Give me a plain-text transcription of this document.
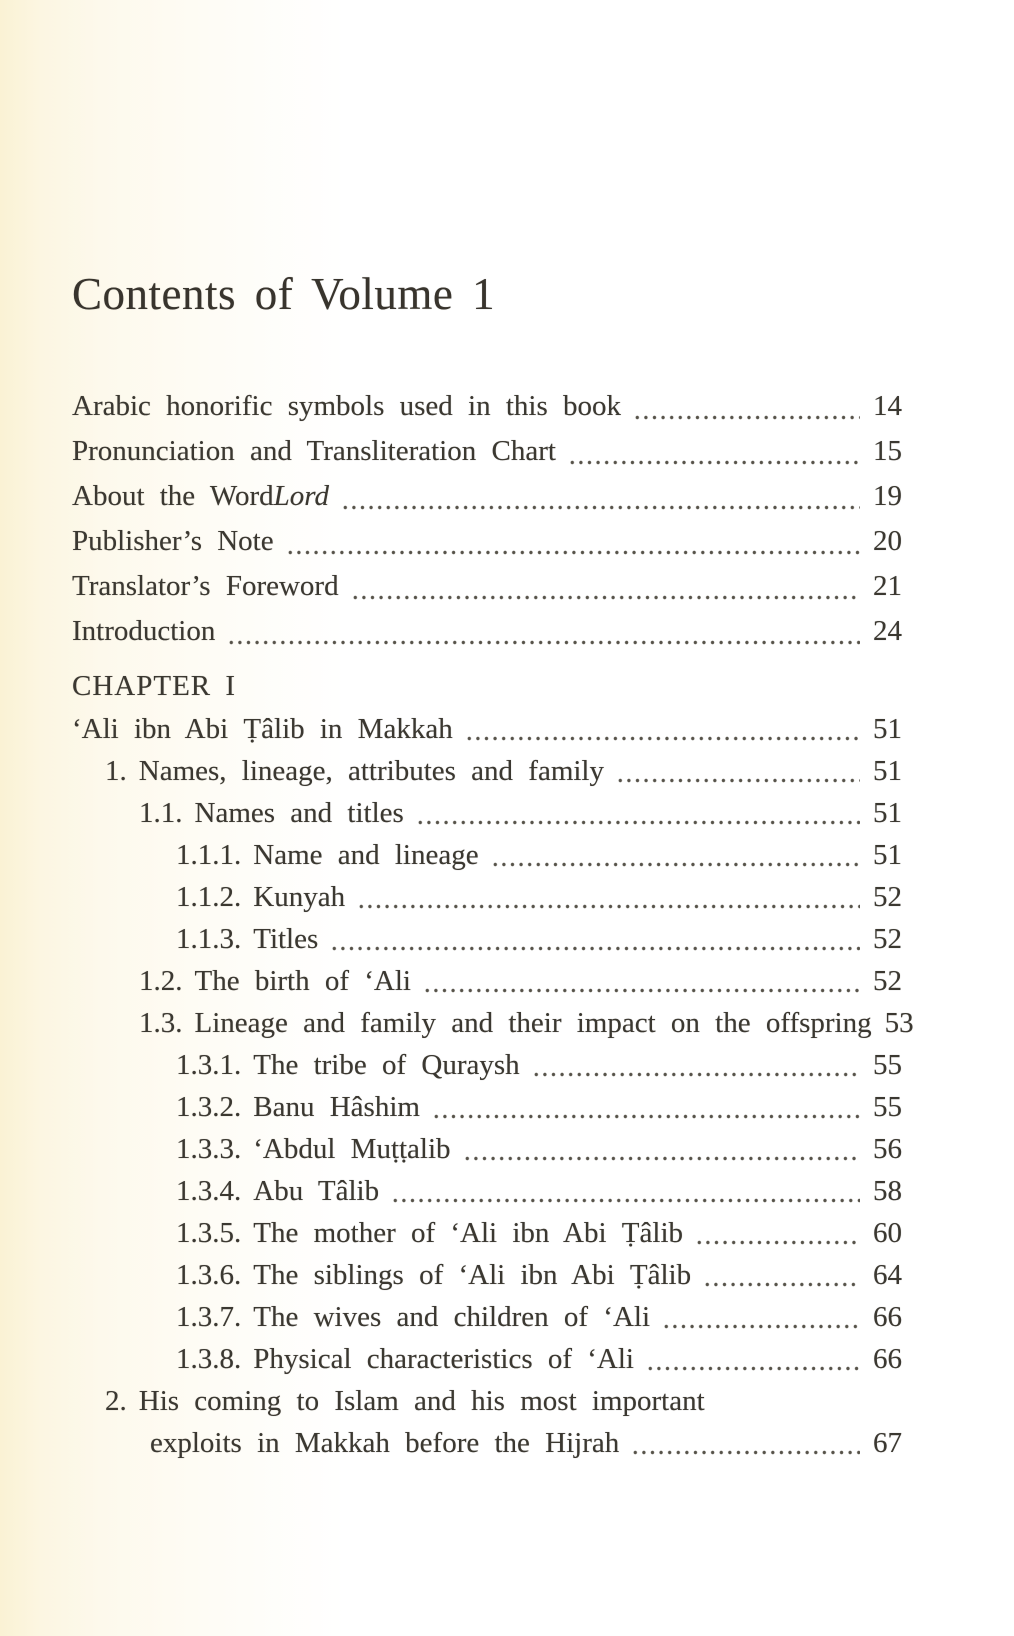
Contents of Volume 1
Arabic honorific symbols used in this book	14
Pronunciation and Transliteration Chart	15
About the Word Lord	19
Publisher’s Note	20
Translator’s Foreword	21
Introduction	24
CHAPTER I
‘Ali ibn Abi Ṭâlib in Makkah	51
1. Names, lineage, attributes and family	51
1.1. Names and titles	51
1.1.1. Name and lineage	51
1.1.2. Kunyah	52
1.1.3. Titles	52
1.2. The birth of ‘Ali	52
1.3. Lineage and family and their impact on the offspring 53
1.3.1. The tribe of Quraysh	55
1.3.2. Banu Hâshim	55
1.3.3. ‘Abdul Muṭṭalib	56
1.3.4. Abu Tâlib	58
1.3.5. The mother of ‘Ali ibn Abi Ṭâlib	60
1.3.6. The siblings of ‘Ali ibn Abi Ṭâlib	64
1.3.7. The wives and children of ‘Ali	66
1.3.8. Physical characteristics of ‘Ali	66
2. His coming to Islam and his most important
exploits in Makkah before the Hijrah	67
